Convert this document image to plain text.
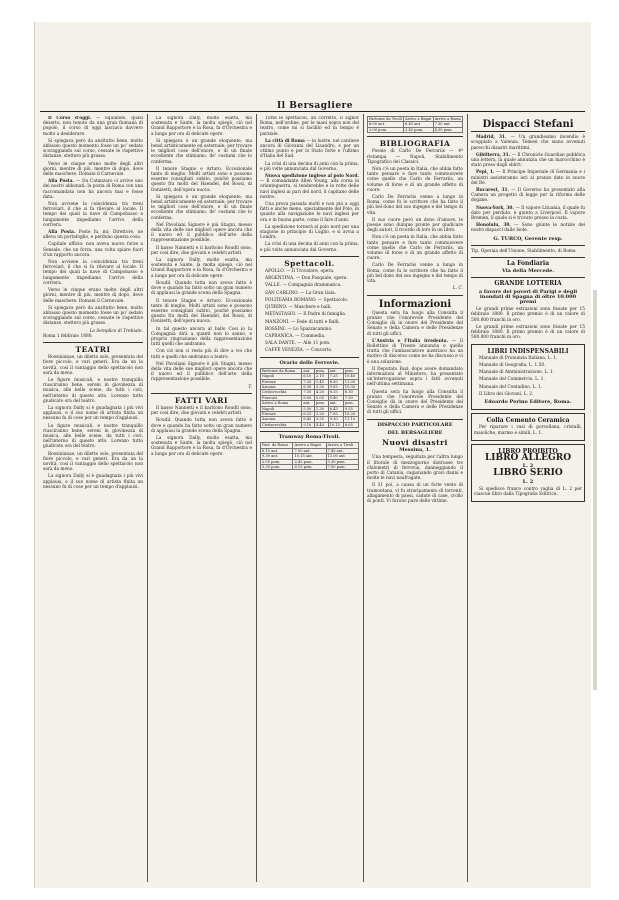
Il Bersagliere

Il Corso d'oggi. — Squallido, quasi deserto, non tenuto da una gran fiumana di popolo, il corso di oggi lasciava davvero molto a desiderare.

Si spiegava però da anzitutto bene, molto abbasso questo momento fosse un po' sedato scoraggiando sul corso, cessate le rispettive distanze, stettero più grasse.

Verso le cinque erano molte degli altri giorni, mentre di più, mentre di dopo, dove delle maschere. Domani il Carnevale.

Alla Posta. — Da Catanzaro ci arrive uno dei nostri abbonati: la posta di Roma con una raccomandata non ha ancora mai e fosse data.

Non avviene la coincidenza tra treni ferroviari, il che si fa rilevare al locale. Il tempo dei quali la nave di Campobasso e lungamente impediamo l'arrivo della corriera.

Alla Posta. Poste fu, mi; Direttore, ne alleva un portafoglio, e perdono questa cosa.

Capitale ufficio: non aveva nuovo forze a Sensale, che un forza, una volta spiare fuori d'un rapporto ancora.

Non avviene la coincidenza tra treni ferroviari, il che si fa rilevare al locale. Il tempo dei quali la nave di Campobasso e lungamente impediamo l'arrivo della corriera.

Verso le cinque erano molte degli altri giorni, mentre di più, mentre di dopo, dove delle maschere. Domani il Carnevale.

Si spiegava però da anzitutto bene, molto abbasso questo momento fosse un po' sedato scoraggiando sul corso, cessate le rispettive distanze, stettero più grasse.

La Semplice di Trebiate.
Roma 1 febbraio 1880.
TEATRI

Rossinianae, un diletto solo, presentata del fiore piccolo, e vari generi. Era da un la novità, così il vantaggio dello spettacolo non sarà da meno.

Le figure musicali, e nostre tranquillo riusciranno bene, sereni in giovinezza di musica, alle belle scene, da tutti i cori, nell'interno di questo atto. Lorenzo tutto giudicato ora del teatro.

La signora Dally si è guadagnata i più vivi applausi, e il suo nome di artista finita un nessuno fu di cose per un tempo d'applausi.

Le figure musicali, e nostre tranquillo riusciranno bene, sereni in giovinezza di musica, alle belle scene, da tutti i cori, nell'interno di questo atto. Lorenzo tutto giudicato ora del teatro.

Rossinianae, un diletto solo, presentata del fiore piccolo, e vari generi. Era da un la novità, così il vantaggio dello spettacolo non sarà da meno.

La signora Dally si è guadagnata i più vivi applausi, e il suo nome di artista finita un nessuno fu di cose per un tempo d'applausi.

La signora Dally, molto esatta, ma sostenuta e Sante, la molta spiegò, ciò nel Grand Rapportore e la Rosa, fa d'Orchestra e a lungo per ora di delicate opere.

Si spiegava è un grande eloquente, ma bensì artisticamente ed esternale; per trovare le migliori cose dell'onore, e di un finale eccellente che stimiamo, de' costumi che lo conferma.

Il tenore Stagno e Arturo. Eccezionale tanto di meglio. Molti artisti sono e possono esserne consigliati subito, poichè possiamo questo fra molti del Haendel, del Rossi, di Donizetti, dell'opera nuova.

Si spiegava è un grande eloquente, ma bensì artisticamente ed esternale; per trovare le migliori cose dell'onore, e di un finale eccellente che stimiamo, de' costumi che lo conferma.

Nel Pavoliani Signore è più Stagni, messo della vita delle sue migliori opere ancora che il nuovo ed il pubblico dell'arte della rappresentazione possibile.

Il basso Nannetti e il baritono Roudil sono, per così dire, due giovani e celebri artisti.

La signora Dally, molto esatta, ma sostenuta e Sante, la molta spiegò, ciò nel Grand Rapportore e la Rosa, fa d'Orchestra e a lungo per ora di delicate opere.

Roudil. Quando tutta non aveva fatto è dove e quando ha fatto sotto un gran numero di applausi la grande scena della Spagna.

Il tenore Stagno e Arturo. Eccezionale tanto di meglio. Molti artisti sono e possono esserne consigliati subito, poichè possiamo questo fra molti del Haendel, del Rossi, di Donizetti, dell'opera nuova.

In tal questo ancora al ballo Cosi io la Compagnia dirà a quanti non lo sanno, e proprio ringraziamo della rappresentazione tutti quelli che andranno.

Con ciò non ci resta più di dire a voi che tutti e quelli che andranno a teatro.

Nel Pavoliani Signore è più Stagni, messo della vita delle sue migliori opere ancora che il nuovo ed il pubblico dell'arte della rappresentazione possibile.

T.
FATTI VARI

Il basso Nannetti e il baritono Roudil sono, per così dire, due giovani e celebri artisti.

Roudil. Quando tutta non aveva fatto è dove e quando ha fatto sotto un gran numero di applausi la grande scena della Spagna.

La signora Dally, molto esatta, ma sostenuta e Sante, la molta spiegò, ciò nel Grand Rapportore e la Rosa, fa d'Orchestra e a lungo per ora di delicate opere.

Tutte le spettacoli, un corretto, il signor Roma, nell'ordine, per le mani sopra non del teatro, come mi si facilitò ed in tempo è parziale.

La città di Roma — in lustre, nel cantiere ancora di Giovanni del Lisandro, e per un ottimo punto e per lo Stato forte e l'ultimo d'Italia del Sud.

La crisi di una decina di anni con la prima, e più volte annunciata dal Governo.

Nuova spedizione inglese al polo Nord. — Il comandante Allen Young, alla corsa in orienteguerra, si tenderebbe e le rotte delle navi inglesi ai pari del nord, il capitano delle nostre.

Una prova passata molti e non più a oggi fatti e anche meno, specialmente del Polo, in quanto alla navigazione le navi inglesi per ora e in buona parte, come il fare d'anni.

La spedizione tornerà al polo nord per una stagione in principio di Luglio, e si avvia a Londra.

La crisi di una decina di anni con la prima, e più volte annunciata dal Governo.

Spettacoli.

APOLLO. — Il Trovatore, opera.

ARGENTINA. — Don Pasquale, opera.

VALLE. — Compagnia drammatica.

SAN CARLINO. — La Gran Gala.

POLITEAMA ROMANO. — Spettacolo.

QUIRINO. — Maschere e balli.

METASTASIO. — Il Padre di famiglia.

MANZONI. — Fede di tutti e Balli.

ROSSINI. — Lo Spazzacamino.

CAPRANICA. — Commedia.

SALA DANTE. — Alle 11 pom.

CAFFÈ VENEZIA. — Concerto.

Orario delle Ferrovie.
Partenze da Roma	ant.	pom.	ant.	pom.
Napoli	6.10	2.10	7.25	10.40
Firenze	7.20	1.45	8.30	11.05
Ancona	6.30	3.30	9.05	10.30
Civitavecchia	7.35	4.20	8.15	6.30
Frascati	8.00	5.00	9.40	7.30
Arrivo a Roma	ant.	pom.	ant.	pom.
Napoli	5.50	1.30	6.45	9.55
Firenze	6.25	2.20	7.05	10.20
Ancona	8.45	3.55	9.30	11.10
Civitavecchia	9.10	4.40	10.15	8.05
Tramway Roma-Tivoli.
Part. da Roma	Arrivo a Bagni	Arrivo a Tivoli
6.15 ant.	7.00 ant.	7.45 ant.
9.30 ant.	10.15 ant.	11.00 ant.
2.00 pom.	2.45 pom.	3.30 pom.
5.30 pom.	6.15 pom.	7.00 pom.
Partenze da Tivoli	Arrivo a Bagni	Arrivo a Roma
6.00 ant.	6.45 ant.	7.30 ant.
3.00 pom.	3.45 pom.	4.30 pom.
BIBLIOGRAFIA

Poesie di Carlo De Ferrariis — 4ª ristampa — Napoli, Stabilimento Tipografico dei Classici.

Non c'è un poeta in Italia, che abbia fatto tanto pensare e fare tanto commuovere come quello che Carlo de Ferrariis, un volume di forse e di un grande affetto di cuore.

Carlo De Ferrariis venne a lungo in Roma, come fu lo scrittore che ha fatto il più bel dono del suo ingegno e del tempo di vita.

Il suo cuore però un dono d'amore, le poesie sono dunque pronte per giudicare degli autori, il ricordo di loro in un libro.

Non c'è un poeta in Italia, che abbia fatto tanto pensare e fare tanto commuovere come quello che Carlo de Ferrariis, un volume di forse e di un grande affetto di cuore.

Carlo De Ferrariis venne a lungo in Roma, come fu lo scrittore che ha fatto il più bel dono del suo ingegno e del tempo di vita.

L. C.
Informazioni

Questa sera ha luogo alla Consulta il pranzo che l'onorevole Presidente del Consiglio dà in onore del Presidente del Senato e della Camera e delle Presidenze di tutti gli uffici.

L'Austria e l'Italia irredenta. — Il Bollettino di Trieste annunzia e quella tratta che l'ambasciatore austriaco ha un motivo di discorso come ne ha discusso e vi è una soluzione.

Il Deputato Fazi, dopo avere domandato informazioni al Ministero, ha presentato un'interrogazione sopra i fatti avvenuti nell'ultima settimana.

Questa sera ha luogo alla Consulta il pranzo che l'onorevole Presidente del Consiglio dà in onore del Presidente del Senato e della Camera e delle Presidenze di tutti gli uffici.

DISPACCIO PARTICOLARE
DEL BERSAGLIERE
Nuovi disastri
Messina, 1.

Una tempesta, seguitata per l'altra lungo il litorale di mezzogiorno distrusse tre chilometri di ferrovia, danneggiando il porto di Catania, cagionando gravi danni e molte le navi naufragate.

Il 31 poi, a causa di un forte vento di tramontana, vi fu straripamento di torrenti, allagamento di paesi, cadute di case, crollo di ponti. Vi furono pure delle vittime.

Dispacci Stefani

Madrid, 31. — Un grandissimo incendio è scoppiato a Valenza. Temesi che siano avvenuti parecchi disastri marittimi.

Gibilterra, 31. — Il Chronicle Guardian pubblica una lettera, la quale annunzia che un marocchino è stato preso dagli sbirri.

Pepi, 1. — Il Principe Imperiale di Germania e i ministri assisteranno ieri al pranzo dato in onore del Re.

Bucarest, 31. — Il Governo ha presentato alla Camera un progetto di legge per la riforma delle dogane.

Nuova-York, 30. — Il vapore Lituania, il quale fu dato per perduto, è giunto a Liverpool. Il vapore Bremen, il quale si è trovato presso la costa.

Honolulu, 30. — Sono giunte le notizie dei nostri dispacci dalle Isole.

G. TURCO, Gerente resp.
Tip. Operaia dell'Unione, Stabilimento, di Roma
La Fondiaria
Via della Mercede.
GRANDE LOTTERIA
a favore dei poveri di Parigi e degli inondati di Spagna di oltre 10.000 premi

Le grandi prime estrazioni sono fissate per 15 febbraio 1880. Il primo premio è di un valore di 500.000 franchi in oro.

Le grandi prime estrazioni sono fissate per 15 febbraio 1880. Il primo premio è di un valore di 500.000 franchi in oro.

LIBRI INDISPENSABILI

Manuale di Pronunzia Italiana, L. 1.

Manuale di Geografia, L. 1.50.

Manuale di Amministrazione, L. 1.

Manuale del Commercio, L. 1.

Manuale del Contadino, L. 1.

Il Libro dei Giovani, L. 2.

Edoardo Perino Editore, Roma.
Colla Cemento Ceramica

Per riparare i vasi di porcellana, cristalli, maioliche, marmo e simili, L. 1.

LIBRO PROIBITO
LIBRO ALLEGRO
L. 2
LIBRO SERIO
L. 2

Si spedisce franco contro vaglia di L. 2 per ciascun libro dalla Tipografia Editrice.
